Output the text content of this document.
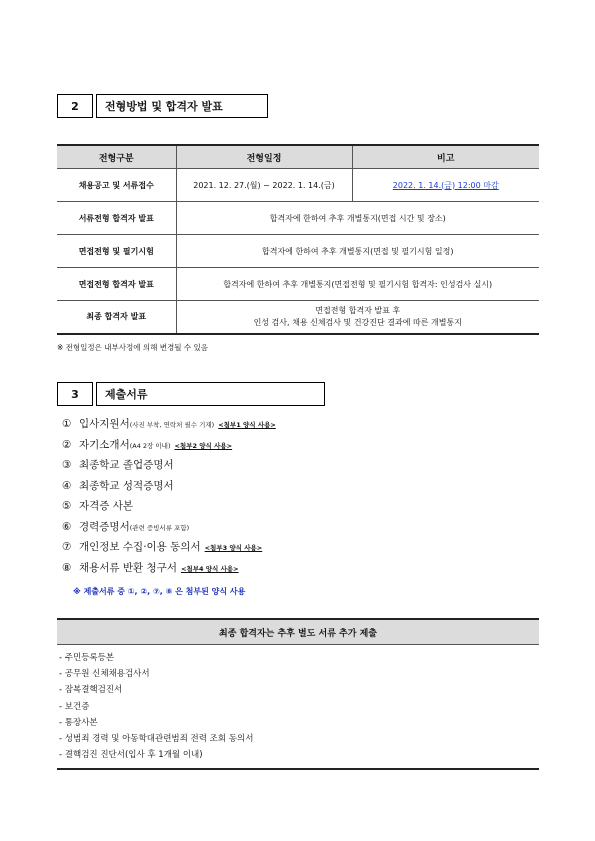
2	전형방법 및 합격자 발표
전형구분	전형일정	비고
채용공고 및 서류접수	2021. 12. 27.(월) ~ 2022. 1. 14.(금)	2022. 1. 14.(금) 12:00 마감
서류전형 합격자 발표	합격자에 한하여 추후 개별통지(면접 시간 및 장소)	
면접전형 및 필기시험	합격자에 한하여 추후 개별통지(면접 및 필기시험 일정)	
면접전형 합격자 발표	합격자에 한하여 추후 개별통지(면접전형 및 필기시험 합격자: 인성검사 실시)	
최종 합격자 발표	면접전형 합격자 발표 후
인성 검사, 채용 신체검사 및 건강진단 결과에 따른 개별통지	
※ 전형일정은 내부사정에 의해 변경될 수 있음
3	제출서류
① 입사지원서 (사진 부착, 연락처 필수 기재) <첨부1 양식 사용>
② 자기소개서 (A4 2장 이내) <첨부2 양식 사용>
③ 최종학교 졸업증명서
④ 최종학교 성적증명서
⑤ 자격증 사본
⑥ 경력증명서 (관련 증빙서류 포함)
⑦ 개인정보 수집·이용 동의서 <첨부3 양식 사용>
⑧ 채용서류 반환 청구서 <첨부4 양식 사용>
※ 제출서류 중 ①, ②, ⑦, ⑧ 은 첨부된 양식 사용
최종 합격자는 추후 별도 서류 추가 제출
- 주민등록등본
- 공무원 신체채용검사서
- 잠복결핵검진서
- 보건증
- 통장사본
- 성범죄 경력 및 아동학대관련범죄 전력 조회 동의서
- 결핵검진 진단서(입사 후 1개월 이내)
